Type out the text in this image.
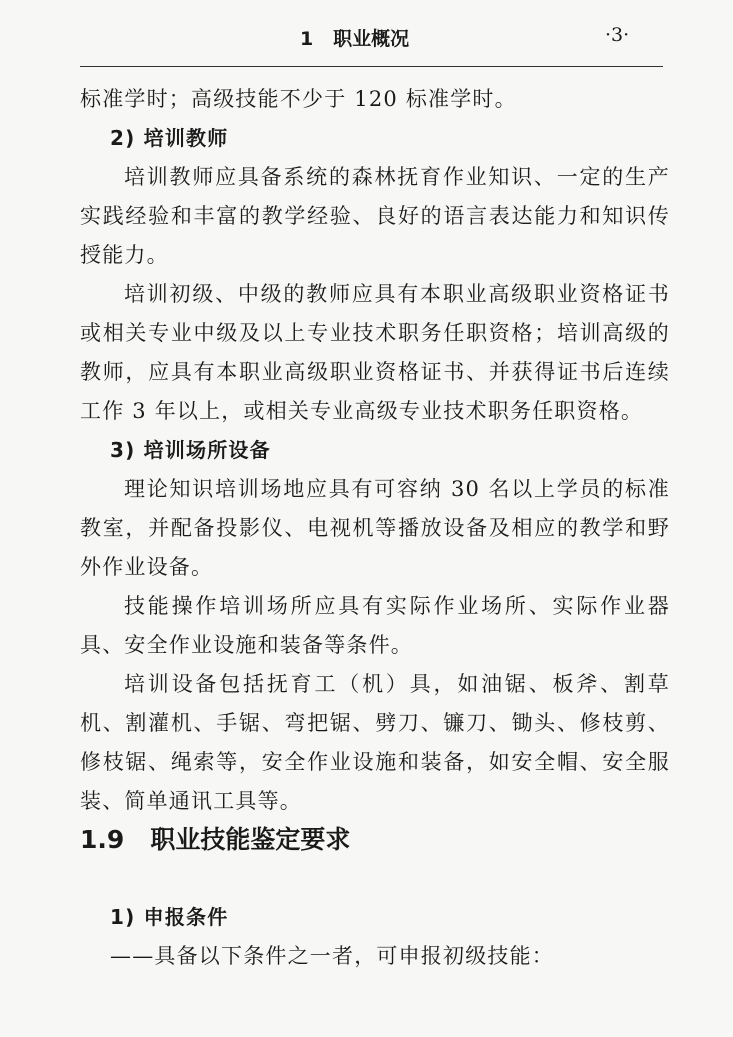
1   职业概况	·3·

标准学时；高级技能不少于 120 标准学时。

2) 培训教师

培训教师应具备系统的森林抚育作业知识、一定的生产实践经验和丰富的教学经验、良好的语言表达能力和知识传授能力。

培训初级、中级的教师应具有本职业高级职业资格证书或相关专业中级及以上专业技术职务任职资格；培训高级的教师，应具有本职业高级职业资格证书、并获得证书后连续工作 3 年以上，或相关专业高级专业技术职务任职资格。

3) 培训场所设备

理论知识培训场地应具有可容纳 30 名以上学员的标准教室，并配备投影仪、电视机等播放设备及相应的教学和野外作业设备。

技能操作培训场所应具有实际作业场所、实际作业器具、安全作业设施和装备等条件。

培训设备包括抚育工（机）具，如油锯、板斧、割草机、割灌机、手锯、弯把锯、劈刀、镰刀、锄头、修枝剪、修枝锯、绳索等，安全作业设施和装备，如安全帽、安全服装、简单通讯工具等。

1.9   职业技能鉴定要求

1) 申报条件

——具备以下条件之一者，可申报初级技能：
